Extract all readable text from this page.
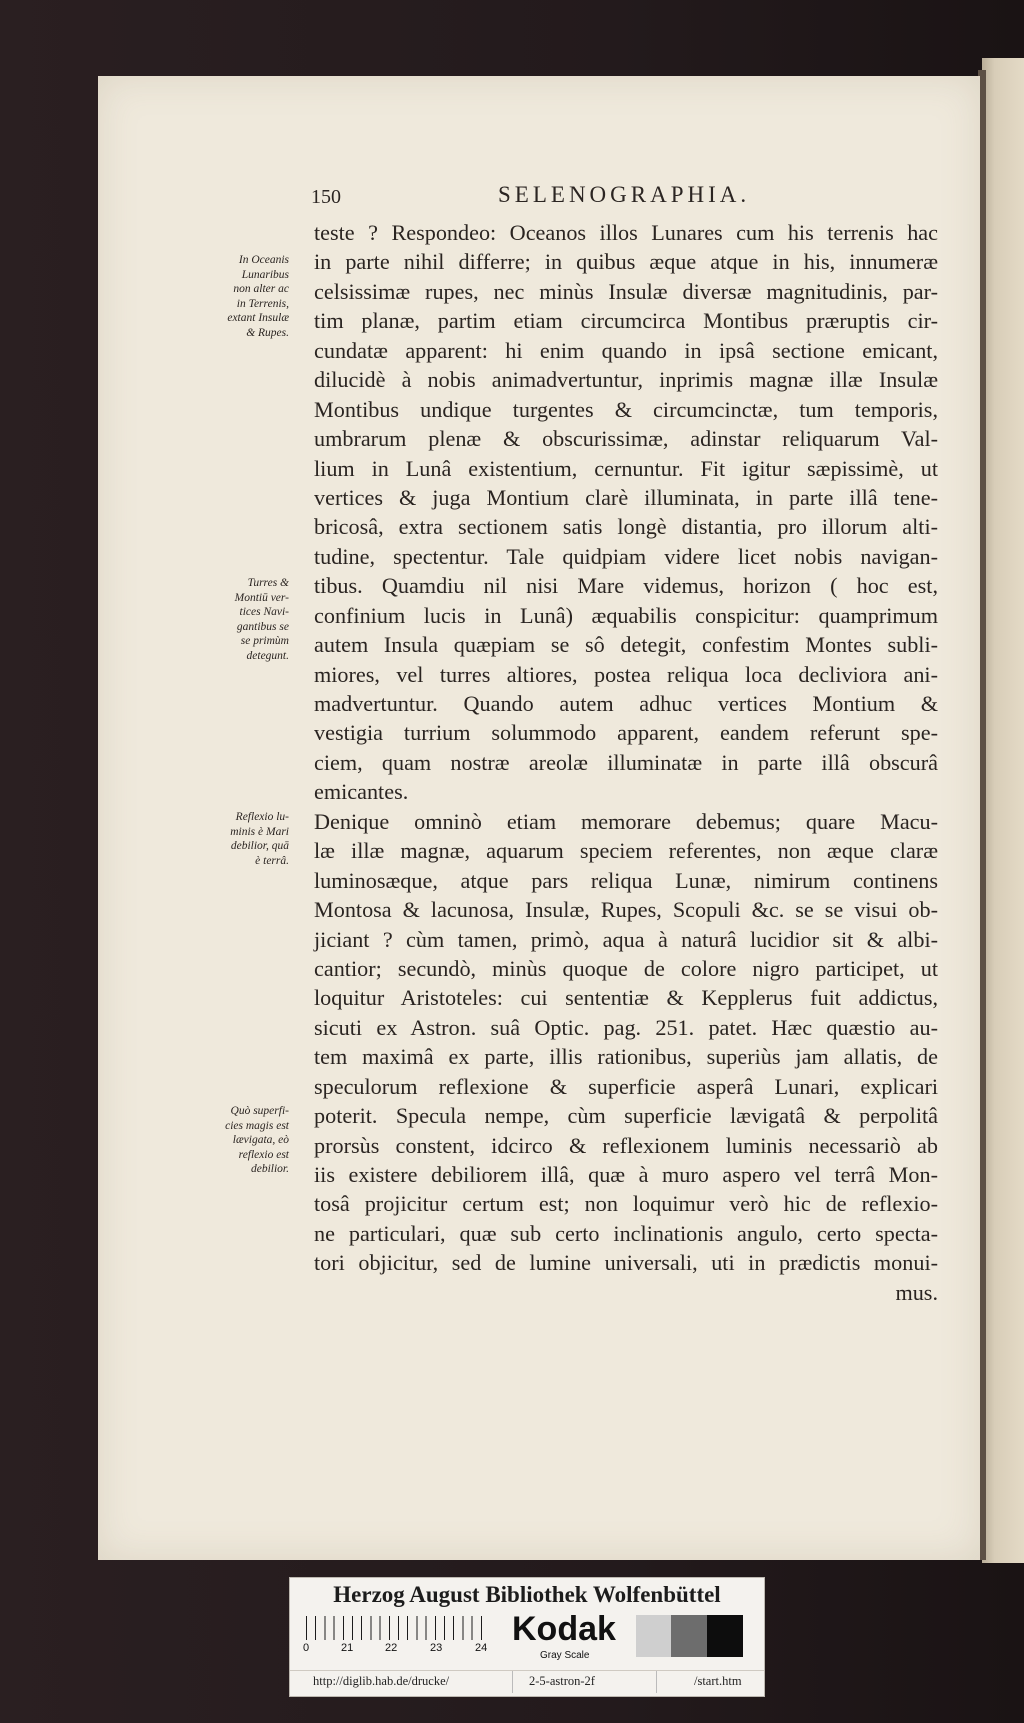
150	SELENOGRAPHIA.
teste ? Respondeo: Oceanos illos Lunares cum his terrenis hac
in parte nihil differre; in quibus æque atque in his, innumeræ
celsissimæ rupes, nec minùs Insulæ diversæ magnitudinis, par-
tim planæ, partim etiam circumcirca Montibus præruptis cir-
cundatæ apparent: hi enim quando in ipsâ sectione emicant,
dilucidè à nobis animadvertuntur, inprimis magnæ illæ Insulæ
Montibus undique turgentes & circumcinctæ, tum temporis,
umbrarum plenæ & obscurissimæ, adinstar reliquarum Val-
lium in Lunâ existentium, cernuntur. Fit igitur sæpissimè, ut
vertices & juga Montium clarè illuminata, in parte illâ tene-
bricosâ, extra sectionem satis longè distantia, pro illorum alti-
tudine, spectentur. Tale quidpiam videre licet nobis navigan-
tibus. Quamdiu nil nisi Mare videmus, horizon ( hoc est,
confinium lucis in Lunâ) æquabilis conspicitur: quamprimum
autem Insula quæpiam se sô detegit, confestim Montes subli-
miores, vel turres altiores, postea reliqua loca decliviora ani-
madvertuntur. Quando autem adhuc vertices Montium &
vestigia turrium solummodo apparent, eandem referunt spe-
ciem, quam nostræ areolæ illuminatæ in parte illâ obscurâ
emicantes.
Denique omninò etiam memorare debemus; quare Macu-
læ illæ magnæ, aquarum speciem referentes, non æque claræ
luminosæque, atque pars reliqua Lunæ, nimirum continens
Montosa & lacunosa, Insulæ, Rupes, Scopuli &c. se se visui ob-
jiciant ? cùm tamen, primò, aqua à naturâ lucidior sit & albi-
cantior; secundò, minùs quoque de colore nigro participet, ut
loquitur Aristoteles: cui sententiæ & Kepplerus fuit addictus,
sicuti ex Astron. suâ Optic. pag. 251. patet. Hæc quæstio au-
tem maximâ ex parte, illis rationibus, superiùs jam allatis, de
speculorum reflexione & superficie asperâ Lunari, explicari
poterit. Specula nempe, cùm superficie lævigatâ & perpolitâ
prorsùs constent, idcirco & reflexionem luminis necessariò ab
iis existere debiliorem illâ, quæ à muro aspero vel terrâ Mon-
tosâ projicitur certum est; non loquimur verò hic de reflexio-
ne particulari, quæ sub certo inclinationis angulo, certo specta-
tori objicitur, sed de lumine universali, uti in prædictis monui-
mus.
In Oceanis
Lunaribus
non alter ac
in Terrenis,
extant Insulæ
& Rupes.
Turres &
Montiū ver-
tices Navi-
gantibus se
se primùm
detegunt.
Reflexio lu-
minis è Mari
debilior, quā
è terrâ.
Quò superfi-
cies magis est
lævigata, eò
reflexio est
debilior.
Herzog August Bibliothek Wolfenbüttel
0	21	22	23	24 Kodak
Gray Scale
http://diglib.hab.de/drucke/	2-5-astron-2f	/start.htm
